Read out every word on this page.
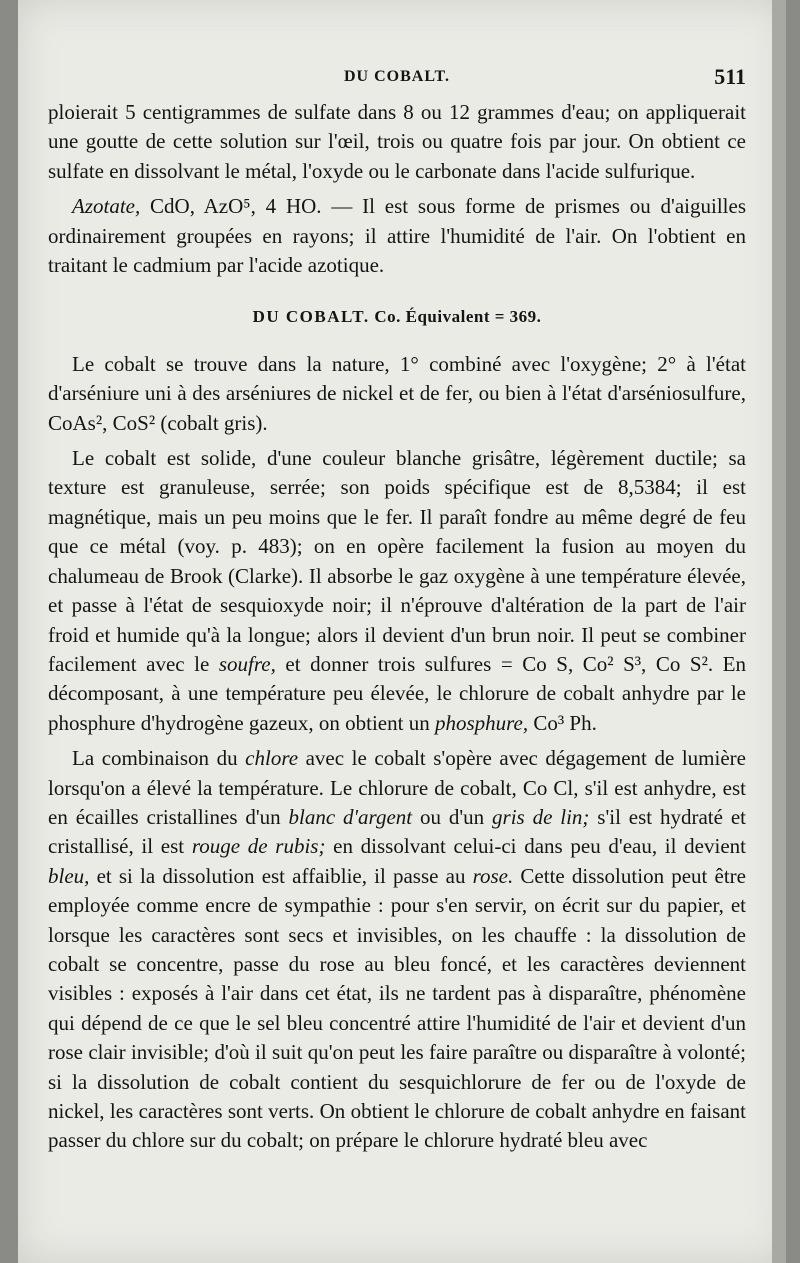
DU COBALT.	511

ploierait 5 centigrammes de sulfate dans 8 ou 12 grammes d'eau; on appliquerait une goutte de cette solution sur l'œil, trois ou quatre fois par jour. On obtient ce sulfate en dissolvant le métal, l'oxyde ou le carbonate dans l'acide sulfurique.

Azotate, CdO, AzO⁵, 4 HO. — Il est sous forme de prismes ou d'aiguilles ordinairement groupées en rayons; il attire l'humidité de l'air. On l'obtient en traitant le cadmium par l'acide azotique.

DU COBALT. Co. Équivalent = 369.

Le cobalt se trouve dans la nature, 1° combiné avec l'oxygène; 2° à l'état d'arséniure uni à des arséniures de nickel et de fer, ou bien à l'état d'arséniosulfure, CoAs², CoS² (cobalt gris).

Le cobalt est solide, d'une couleur blanche grisâtre, légèrement ductile; sa texture est granuleuse, serrée; son poids spécifique est de 8,5384; il est magnétique, mais un peu moins que le fer. Il paraît fondre au même degré de feu que ce métal (voy. p. 483); on en opère facilement la fusion au moyen du chalumeau de Brook (Clarke). Il absorbe le gaz oxygène à une température élevée, et passe à l'état de sesquioxyde noir; il n'éprouve d'altération de la part de l'air froid et humide qu'à la longue; alors il devient d'un brun noir. Il peut se combiner facilement avec le soufre, et donner trois sulfures = Co S, Co² S³, Co S². En décomposant, à une température peu élevée, le chlorure de cobalt anhydre par le phosphure d'hydrogène gazeux, on obtient un phosphure, Co³ Ph.

La combinaison du chlore avec le cobalt s'opère avec dégagement de lumière lorsqu'on a élevé la température. Le chlorure de cobalt, Co Cl, s'il est anhydre, est en écailles cristallines d'un blanc d'argent ou d'un gris de lin; s'il est hydraté et cristallisé, il est rouge de rubis; en dissolvant celui-ci dans peu d'eau, il devient bleu, et si la dissolution est affaiblie, il passe au rose. Cette dissolution peut être employée comme encre de sympathie : pour s'en servir, on écrit sur du papier, et lorsque les caractères sont secs et invisibles, on les chauffe : la dissolution de cobalt se concentre, passe du rose au bleu foncé, et les caractères deviennent visibles : exposés à l'air dans cet état, ils ne tardent pas à disparaître, phénomène qui dépend de ce que le sel bleu concentré attire l'humidité de l'air et devient d'un rose clair invisible; d'où il suit qu'on peut les faire paraître ou disparaître à volonté; si la dissolution de cobalt contient du sesquichlorure de fer ou de l'oxyde de nickel, les caractères sont verts. On obtient le chlorure de cobalt anhydre en faisant passer du chlore sur du cobalt; on prépare le chlorure hydraté bleu avec
